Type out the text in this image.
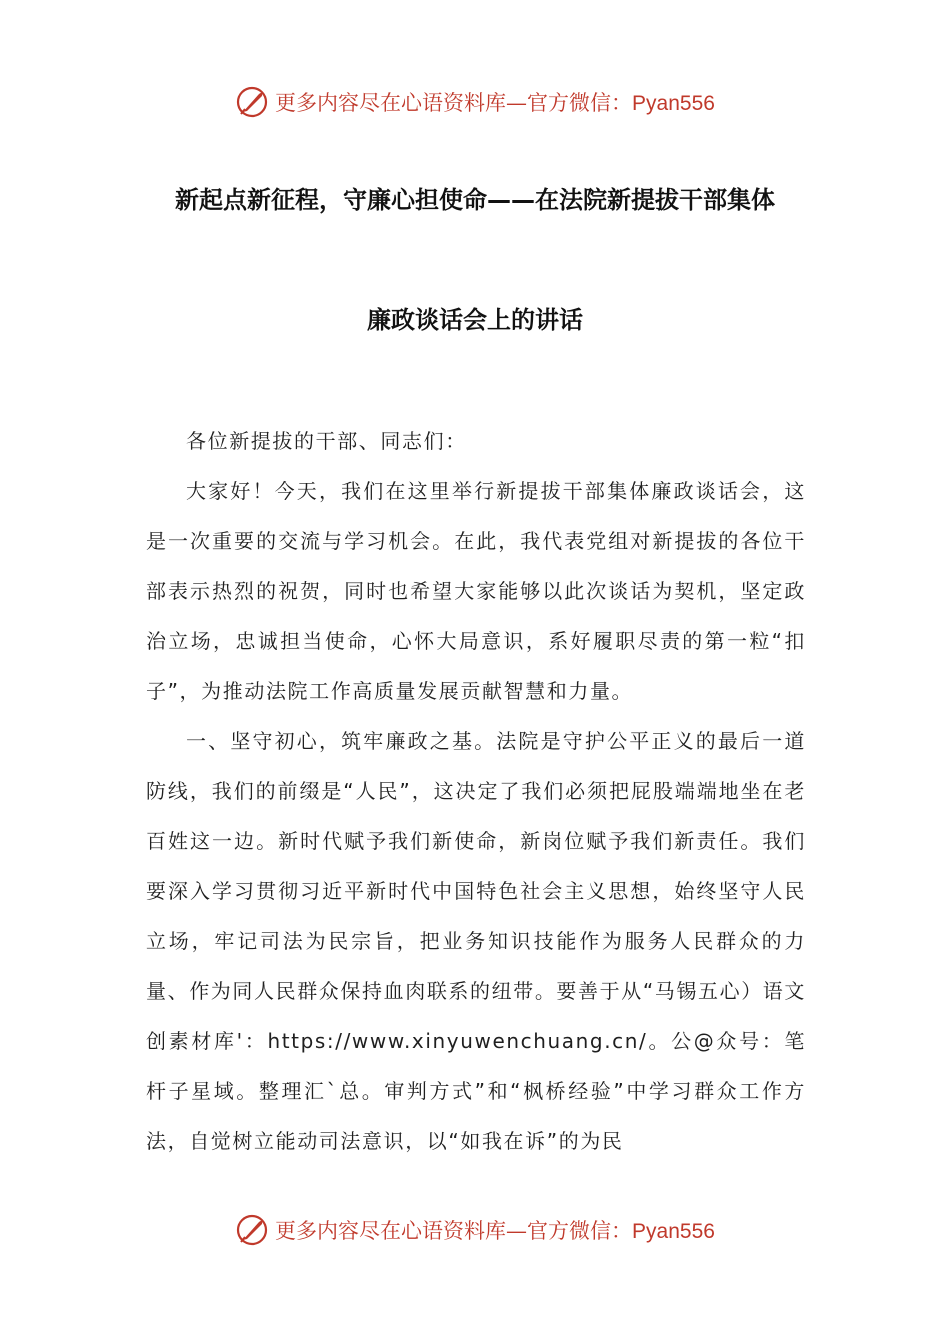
更多内容尽在心语资料库—官方微信：Pyan556
新起点新征程，守廉心担使命——在法院新提拔干部集体
廉政谈话会上的讲话

各位新提拔的干部、同志们：

大家好！今天，我们在这里举行新提拔干部集体廉政谈话会，这是一次重要的交流与学习机会。在此，我代表党组对新提拔的各位干部表示热烈的祝贺，同时也希望大家能够以此次谈话为契机，坚定政治立场，忠诚担当使命，心怀大局意识，系好履职尽责的第一粒“扣子”，为推动法院工作高质量发展贡献智慧和力量。

一、坚守初心，筑牢廉政之基。法院是守护公平正义的最后一道防线，我们的前缀是“人民”，这决定了我们必须把屁股端端地坐在老百姓这一边。新时代赋予我们新使命，新岗位赋予我们新责任。我们要深入学习贯彻习近平新时代中国特色社会主义思想，始终坚守人民立场，牢记司法为民宗旨，把业务知识技能作为服务人民群众的力量、作为同人民群众保持血肉联系的纽带。要善于从“马锡五心）语文创素材库'：https://www.xinyuwenchuang.cn/。公@众号：笔杆子星域。整理汇`总。审判方式”和“枫桥经验”中学习群众工作方法，自觉树立能动司法意识，以“如我在诉”的为民

更多内容尽在心语资料库—官方微信：Pyan556
